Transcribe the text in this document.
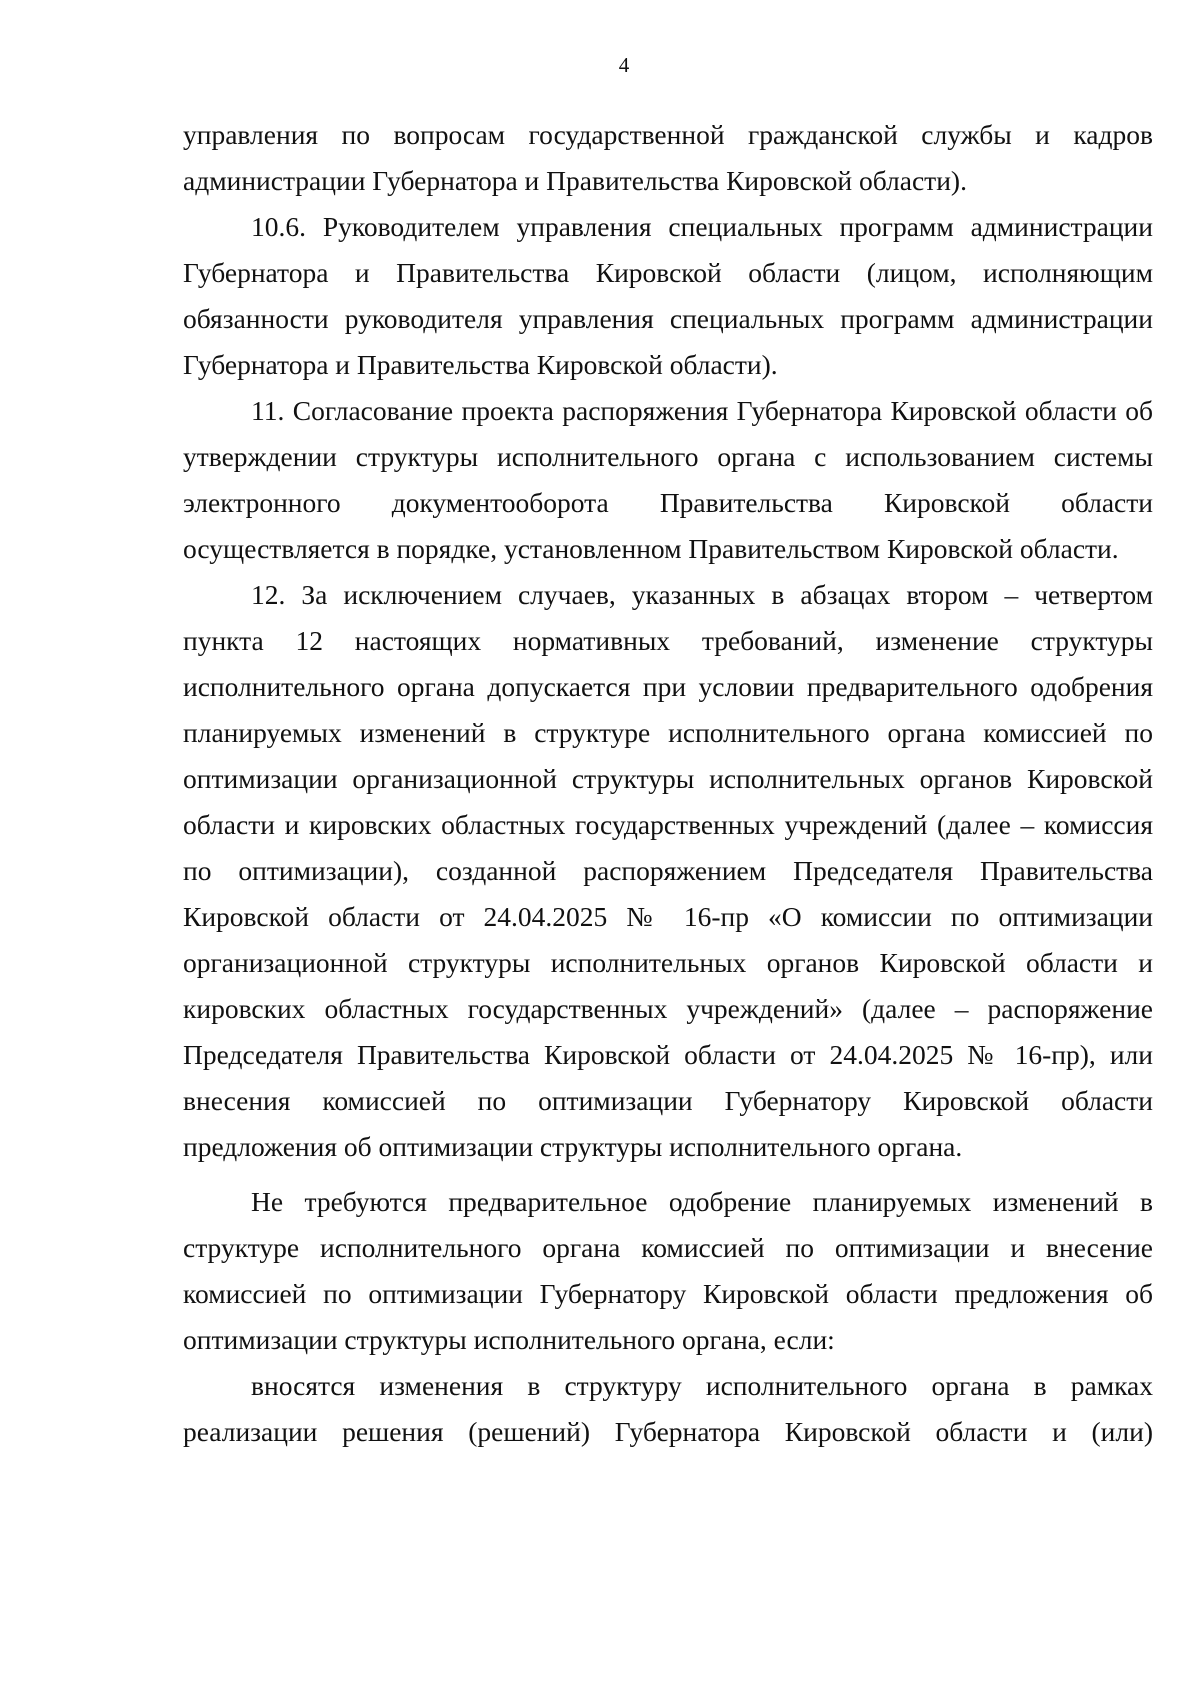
4

управления по вопросам государственной гражданской службы и кадров администрации Губернатора и Правительства Кировской области).

10.6. Руководителем управления специальных программ администрации Губернатора и Правительства Кировской области (лицом, исполняющим обязанности руководителя управления специальных программ администрации Губернатора и Правительства Кировской области).

11. Согласование проекта распоряжения Губернатора Кировской области об утверждении структуры исполнительного органа с использованием системы электронного документооборота Правительства Кировской области осуществляется в порядке, установленном Правительством Кировской области.

12. За исключением случаев, указанных в абзацах втором – четвертом пункта 12 настоящих нормативных требований, изменение структуры исполнительного органа допускается при условии предварительного одобрения планируемых изменений в структуре исполнительного органа комиссией по оптимизации организационной структуры исполнительных органов Кировской области и кировских областных государственных учреждений (далее – комиссия по оптимизации), созданной распоряжением Председателя Правительства Кировской области от 24.04.2025 № 16-пр «О комиссии по оптимизации организационной структуры исполнительных органов Кировской области и кировских областных государственных учреждений» (далее – распоряжение Председателя Правительства Кировской области от 24.04.2025 № 16-пр), или внесения комиссией по оптимизации Губернатору Кировской области предложения об оптимизации структуры исполнительного органа.

Не требуются предварительное одобрение планируемых изменений в структуре исполнительного органа комиссией по оптимизации и внесение комиссией по оптимизации Губернатору Кировской области предложения об оптимизации структуры исполнительного органа, если:

вносятся изменения в структуру исполнительного органа в рамках реализации решения (решений) Губернатора Кировской области и (или)
